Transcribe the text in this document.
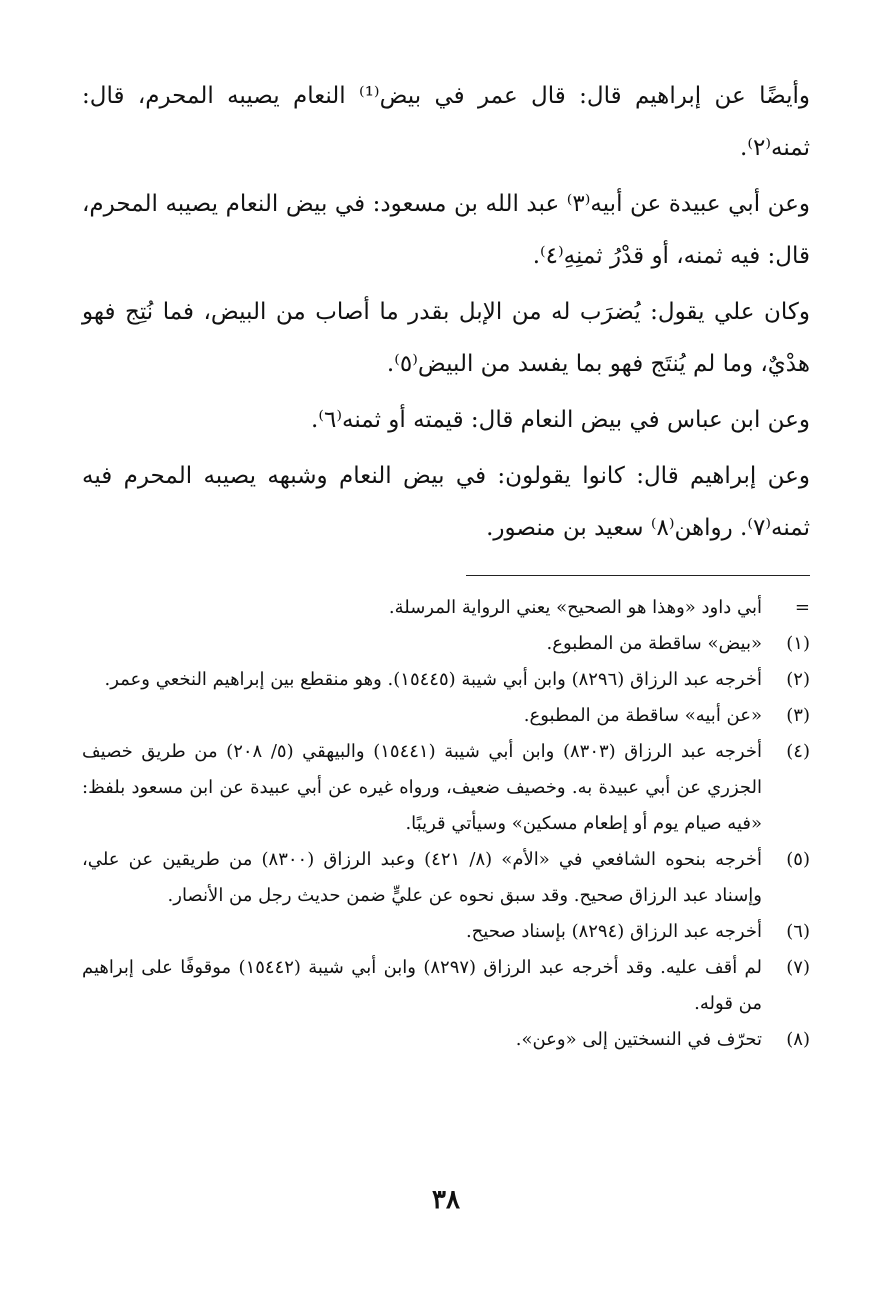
وأيضًا عن إبراهيم قال: قال عمر في بيض⁽¹⁾ النعام يصيبه المحرم، قال: ثمنه⁽٢⁾.

وعن أبي عبيدة عن أبيه⁽٣⁾ عبد الله بن مسعود: في بيض النعام يصيبه المحرم، قال: فيه ثمنه، أو قدْرُ ثمنِهِ⁽٤⁾.

وكان علي يقول: يُضرَب له من الإبل بقدر ما أصاب من البيض، فما نُتِج فهو هدْيٌ، وما لم يُنتَج فهو بما يفسد من البيض⁽٥⁾.

وعن ابن عباس في بيض النعام قال: قيمته أو ثمنه⁽٦⁾.

وعن إبراهيم قال: كانوا يقولون: في بيض النعام وشبهه يصيبه المحرم فيه ثمنه⁽٧⁾. رواهن⁽٨⁾ سعيد بن منصور.

=
أبي داود «وهذا هو الصحيح» يعني الرواية المرسلة.
(١)
«بيض» ساقطة من المطبوع.
(٢)
أخرجه عبد الرزاق (٨٢٩٦) وابن أبي شيبة (١٥٤٤٥). وهو منقطع بين إبراهيم النخعي وعمر.
(٣)
«عن أبيه» ساقطة من المطبوع.
(٤)
أخرجه عبد الرزاق (٨٣٠٣) وابن أبي شيبة (١٥٤٤١) والبيهقي (٥/ ٢٠٨) من طريق خصيف الجزري عن أبي عبيدة به. وخصيف ضعيف، ورواه غيره عن أبي عبيدة عن ابن مسعود بلفظ: «فيه صيام يوم أو إطعام مسكين» وسيأتي قريبًا.
(٥)
أخرجه بنحوه الشافعي في «الأم» (٨/ ٤٢١) وعبد الرزاق (٨٣٠٠) من طريقين عن علي، وإسناد عبد الرزاق صحيح. وقد سبق نحوه عن عليٍّ ضمن حديث رجل من الأنصار.
(٦)
أخرجه عبد الرزاق (٨٢٩٤) بإسناد صحيح.
(٧)
لم أقف عليه. وقد أخرجه عبد الرزاق (٨٢٩٧) وابن أبي شيبة (١٥٤٤٢) موقوفًا على إبراهيم من قوله.
(٨)
تحرّف في النسختين إلى «وعن».
٣٨
